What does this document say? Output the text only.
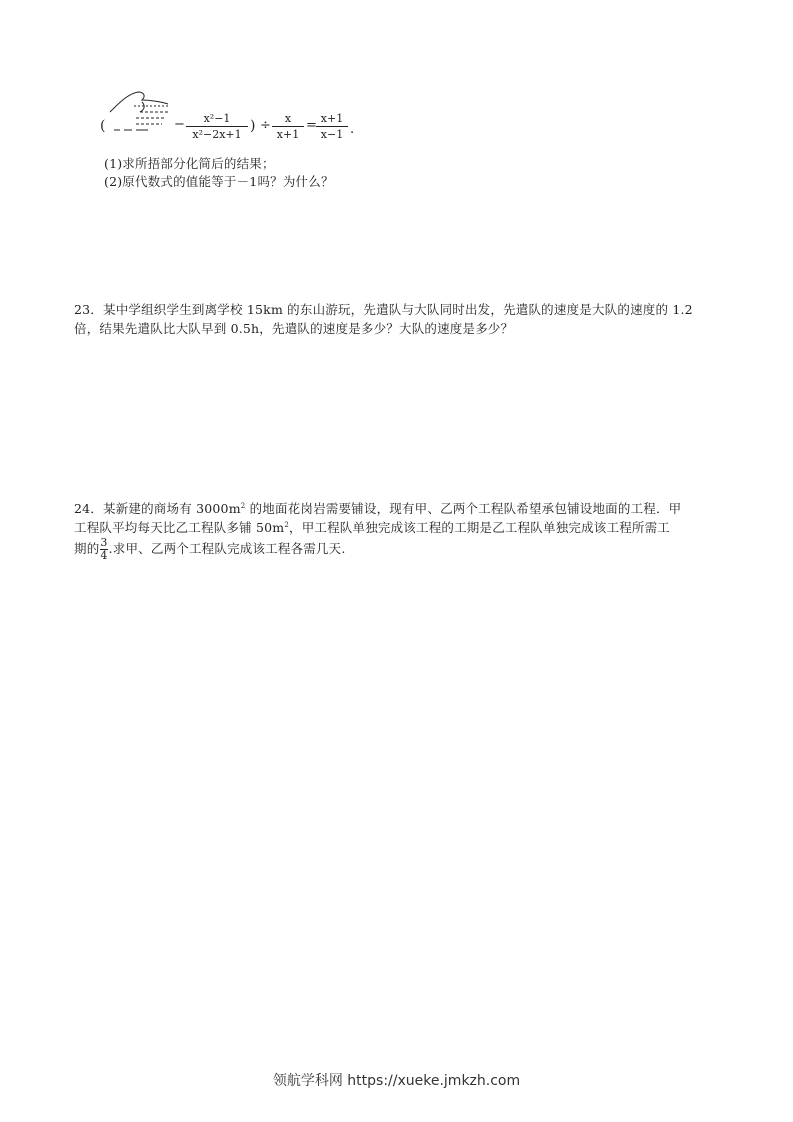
(	−	x²−1
x²−2x+1
) ÷	x
x+1
= x+1
x−1 .
(1)求所捂部分化简后的结果；
(2)原代数式的值能等于－1吗？为什么？
23．某中学组织学生到离学校 15km 的东山游玩，先遣队与大队同时出发，先遣队的速度是大队的速度的 1.2
倍，结果先遣队比大队早到 0.5h，先遣队的速度是多少？大队的速度是多少？
24．某新建的商场有 $3000m^2$ 的地面花岗岩需要铺设，现有甲、乙两个工程队希望承包铺设地面的工程．甲
工程队平均每天比乙工程队多铺 $50m^2$，甲工程队单独完成该工程的工期是乙工程队单独完成该工程所需工
期的$\frac{3}{4}$.求甲、乙两个工程队完成该工程各需几天.
领航学科网 https://xueke.jmkzh.com
